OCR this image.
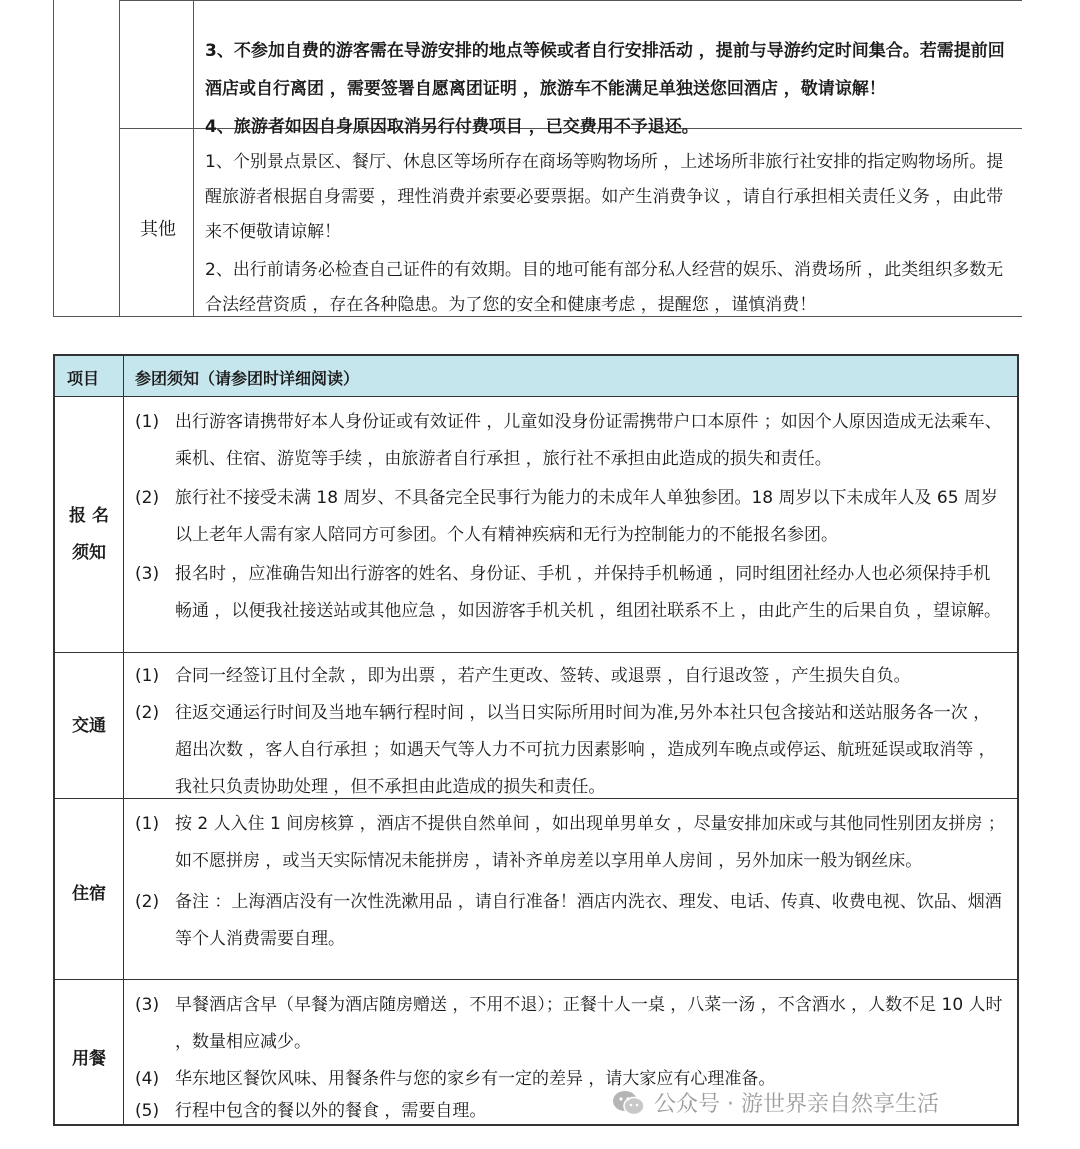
3、不参加自费的游客需在导游安排的地点等候或者自行安排活动 ，提前与导游约定时间集合。若需提前回酒店或自行离团 ，需要签署自愿离团证明 ，旅游车不能满足单独送您回酒店 ，敬请谅解！

4、旅游者如因自身原因取消另行付费项目 ，已交费用不予退还。

其他

1、个别景点景区、餐厅、休息区等场所存在商场等购物场所 ，上述场所非旅行社安排的指定购物场所。提醒旅游者根据自身需要 ，理性消费并索要必要票据。如产生消费争议 ，请自行承担相关责任义务 ，由此带来不便敬请谅解！

2、出行前请务必检查自己证件的有效期。目的地可能有部分私人经营的娱乐、消费场所 ，此类组织多数无合法经营资质 ，存在各种隐患。为了您的安全和健康考虑 ，提醒您 ，谨慎消费！

项目 参团须知（请参团时详细阅读）
报 名
须知
(1) 出行游客请携带好本人身份证或有效证件 ，儿童如没身份证需携带户口本原件 ；如因个人原因造成无法乘车、乘机、住宿、游览等手续 ，由旅游者自行承担 ，旅行社不承担由此造成的损失和责任。
(2) 旅行社不接受未满 18 周岁、不具备完全民事行为能力的未成年人单独参团。18 周岁以下未成年人及 65 周岁以上老年人需有家人陪同方可参团。个人有精神疾病和无行为控制能力的不能报名参团。
(3) 报名时 ，应准确告知出行游客的姓名、身份证、手机 ，并保持手机畅通 ，同时组团社经办人也必须保持手机畅通 ，以便我社接送站或其他应急 ，如因游客手机关机 ，组团社联系不上 ，由此产生的后果自负 ，望谅解。
交通
(1) 合同一经签订且付全款 ，即为出票 ，若产生更改、签转、或退票 ，自行退改签 ，产生损失自负。
(2) 往返交通运行时间及当地车辆行程时间 ，以当日实际所用时间为准,另外本社只包含接站和送站服务各一次 ，超出次数 ，客人自行承担 ；如遇天气等人力不可抗力因素影响 ，造成列车晚点或停运、航班延误或取消等 ，我社只负责协助处理 ，但不承担由此造成的损失和责任。
住宿
(1) 按 2 人入住 1 间房核算 ，酒店不提供自然单间 ，如出现单男单女 ，尽量安排加床或与其他同性别团友拼房 ；如不愿拼房 ，或当天实际情况未能拼房 ，请补齐单房差以享用单人房间 ，另外加床一般为钢丝床。
(2) 备注 ：上海酒店没有一次性洗漱用品 ，请自行准备！酒店内洗衣、理发、电话、传真、收费电视、饮品、烟酒等个人消费需要自理。
用餐
(3) 早餐酒店含早（早餐为酒店随房赠送 ，不用不退）；正餐十人一桌 ，八菜一汤 ，不含酒水 ，人数不足 10 人时 ，数量相应减少。
(4) 华东地区餐饮风味、用餐条件与您的家乡有一定的差异 ，请大家应有心理准备。
(5) 行程中包含的餐以外的餐食 ，需要自理。	公众号 · 游世界亲自然享生活
